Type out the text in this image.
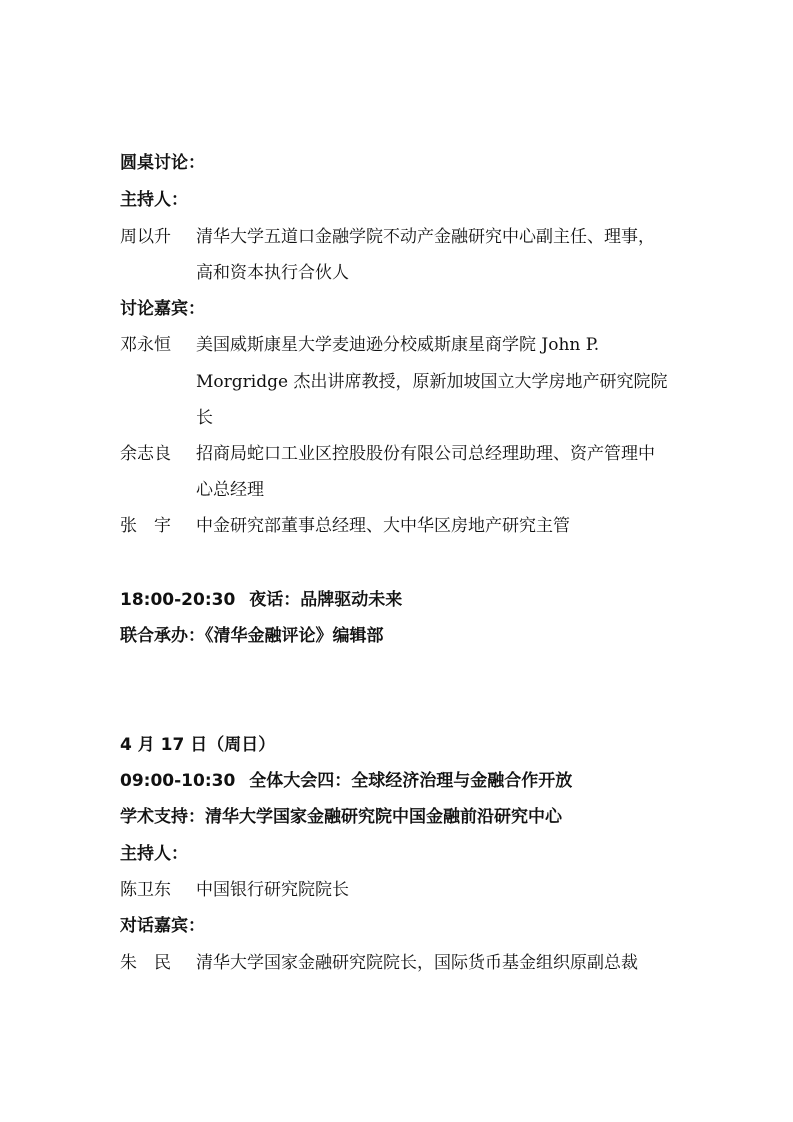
圆桌讨论：
主持人：
周以升 清华大学五道口金融学院不动产金融研究中心副主任、理事，
高和资本执行合伙人
讨论嘉宾：
邓永恒 美国威斯康星大学麦迪逊分校威斯康星商学院 John P.
Morgridge 杰出讲席教授，原新加坡国立大学房地产研究院院
长
余志良 招商局蛇口工业区控股股份有限公司总经理助理、资产管理中
心总经理
张　宇 中金研究部董事总经理、大中华区房地产研究主管
18:00-20:30 夜话：品牌驱动未来
联合承办：《清华金融评论》编辑部
4 月 17 日（周日）
09:00-10:30 全体大会四：全球经济治理与金融合作开放
学术支持：清华大学国家金融研究院中国金融前沿研究中心
主持人：
陈卫东 中国银行研究院院长
对话嘉宾：
朱　民 清华大学国家金融研究院院长，国际货币基金组织原副总裁
